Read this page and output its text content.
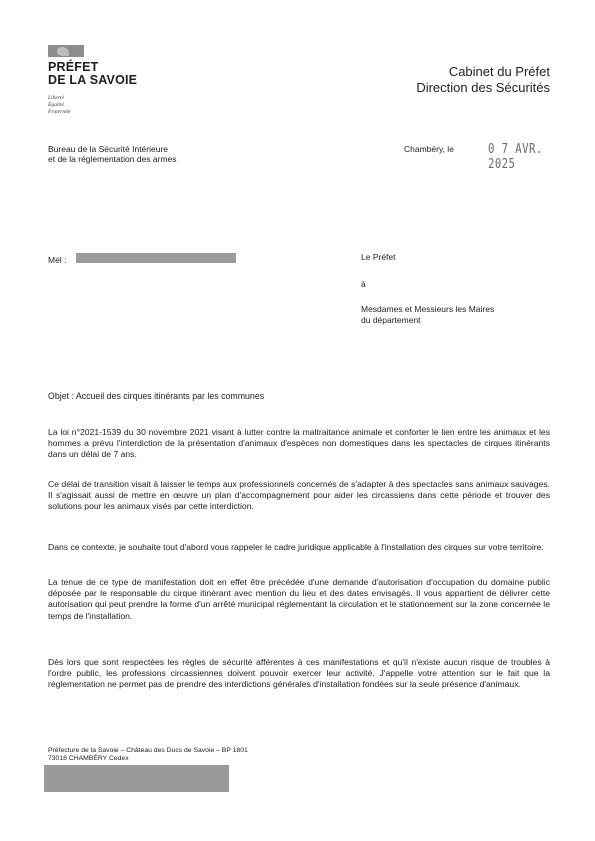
PRÉFET
DE LA SAVOIE
Liberté
Égalité
Fraternité
Cabinet du Préfet
Direction des Sécurités
Bureau de la Sécurité Intérieure
et de la réglementation des armes
Chambéry, le	0 7 AVR. 2025
Mél :	Le Préfet
à
Mesdames et Messieurs les Maires
du département
Objet : Accueil des cirques itinérants par les communes

La loi n°2021-1539 du 30 novembre 2021 visant à lutter contre la maltraitance animale et conforter le lien entre les animaux et les hommes a prévu l'interdiction de la présentation d'animaux d'espèces non domestiques dans les spectacles de cirques itinérants dans un délai de 7 ans.

Ce délai de transition visait à laisser le temps aux professionnels concernés de s'adapter à des spectacles sans animaux sauvages. Il s'agissait aussi de mettre en œuvre un plan d'accompagnement pour aider les circassiens dans cette période et trouver des solutions pour les animaux visés par cette interdiction.

Dans ce contexte, je souhaite tout d'abord vous rappeler le cadre juridique applicable à l'installation des cirques sur votre territoire.

La tenue de ce type de manifestation doit en effet être précédée d'une demande d'autorisation d'occupation du domaine public déposée par le responsable du cirque itinérant avec mention du lieu et des dates envisagés. Il vous appartient de délivrer cette autorisation qui peut prendre la forme d'un arrêté municipal réglementant la circulation et le stationnement sur la zone concernée le temps de l'installation.

Dès lors que sont respectées les règles de sécurité afférentes à ces manifestations et qu'il n'existe aucun risque de troubles à l'ordre public, les professions circassiennes doivent pouvoir exercer leur activité. J'appelle votre attention sur le fait que la réglementation ne permet pas de prendre des interdictions générales d'installation fondées sur la seule présence d'animaux.

Préfecture de la Savoie – Château des Ducs de Savoie – BP 1801
73018 CHAMBÉRY Cedex
